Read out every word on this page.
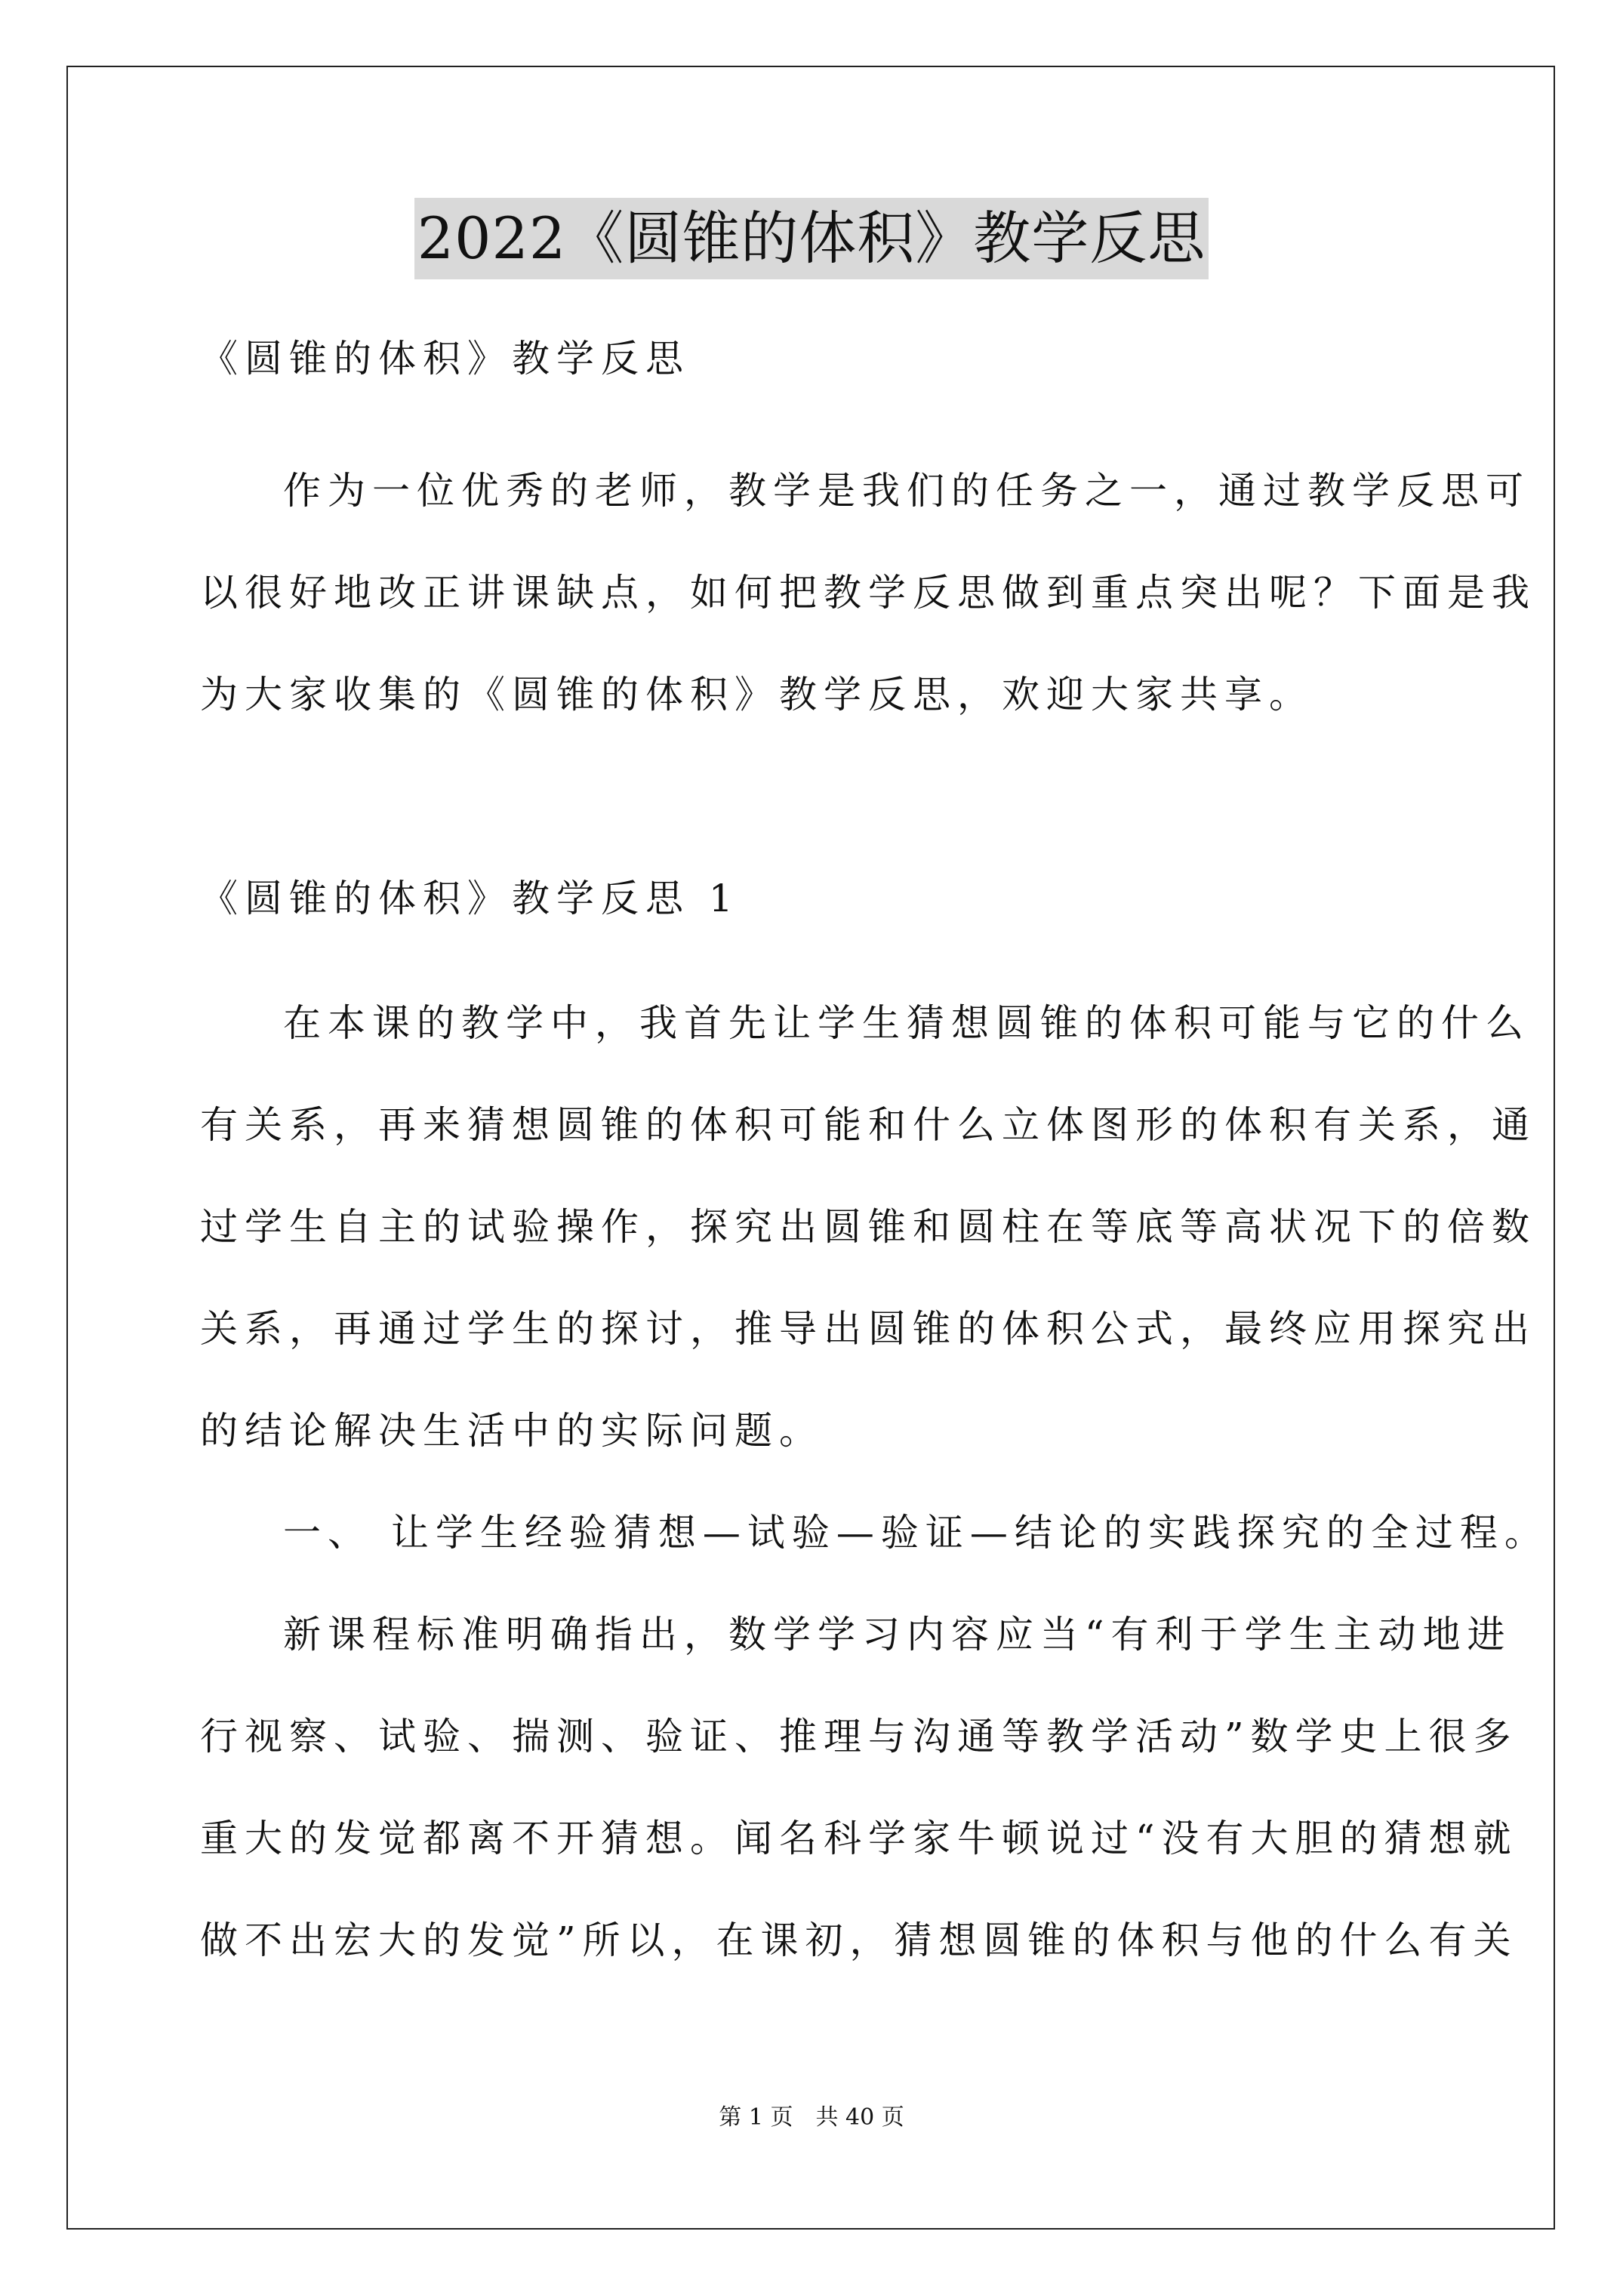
2022《圆锥的体积》教学反思
《圆锥的体积》教学反思
作为一位优秀的老师，教学是我们的任务之一，通过教学反思可
以很好地改正讲课缺点，如何把教学反思做到重点突出呢？下面是我
为大家收集的《圆锥的体积》教学反思，欢迎大家共享。
《圆锥的体积》教学反思 1
在本课的教学中，我首先让学生猜想圆锥的体积可能与它的什么
有关系，再来猜想圆锥的体积可能和什么立体图形的体积有关系，通
过学生自主的试验操作，探究出圆锥和圆柱在等底等高状况下的倍数
关系，再通过学生的探讨，推导出圆锥的体积公式，最终应用探究出
的结论解决生活中的实际问题。
一、 让学生经验猜想—试验—验证—结论的实践探究的全过程。
新课程标准明确指出，数学学习内容应当“有利于学生主动地进
行视察、试验、揣测、验证、推理与沟通等教学活动”数学史上很多
重大的发觉都离不开猜想。闻名科学家牛顿说过“没有大胆的猜想就
做不出宏大的发觉”所以，在课初，猜想圆锥的体积与他的什么有关
第 1 页　共 40 页
